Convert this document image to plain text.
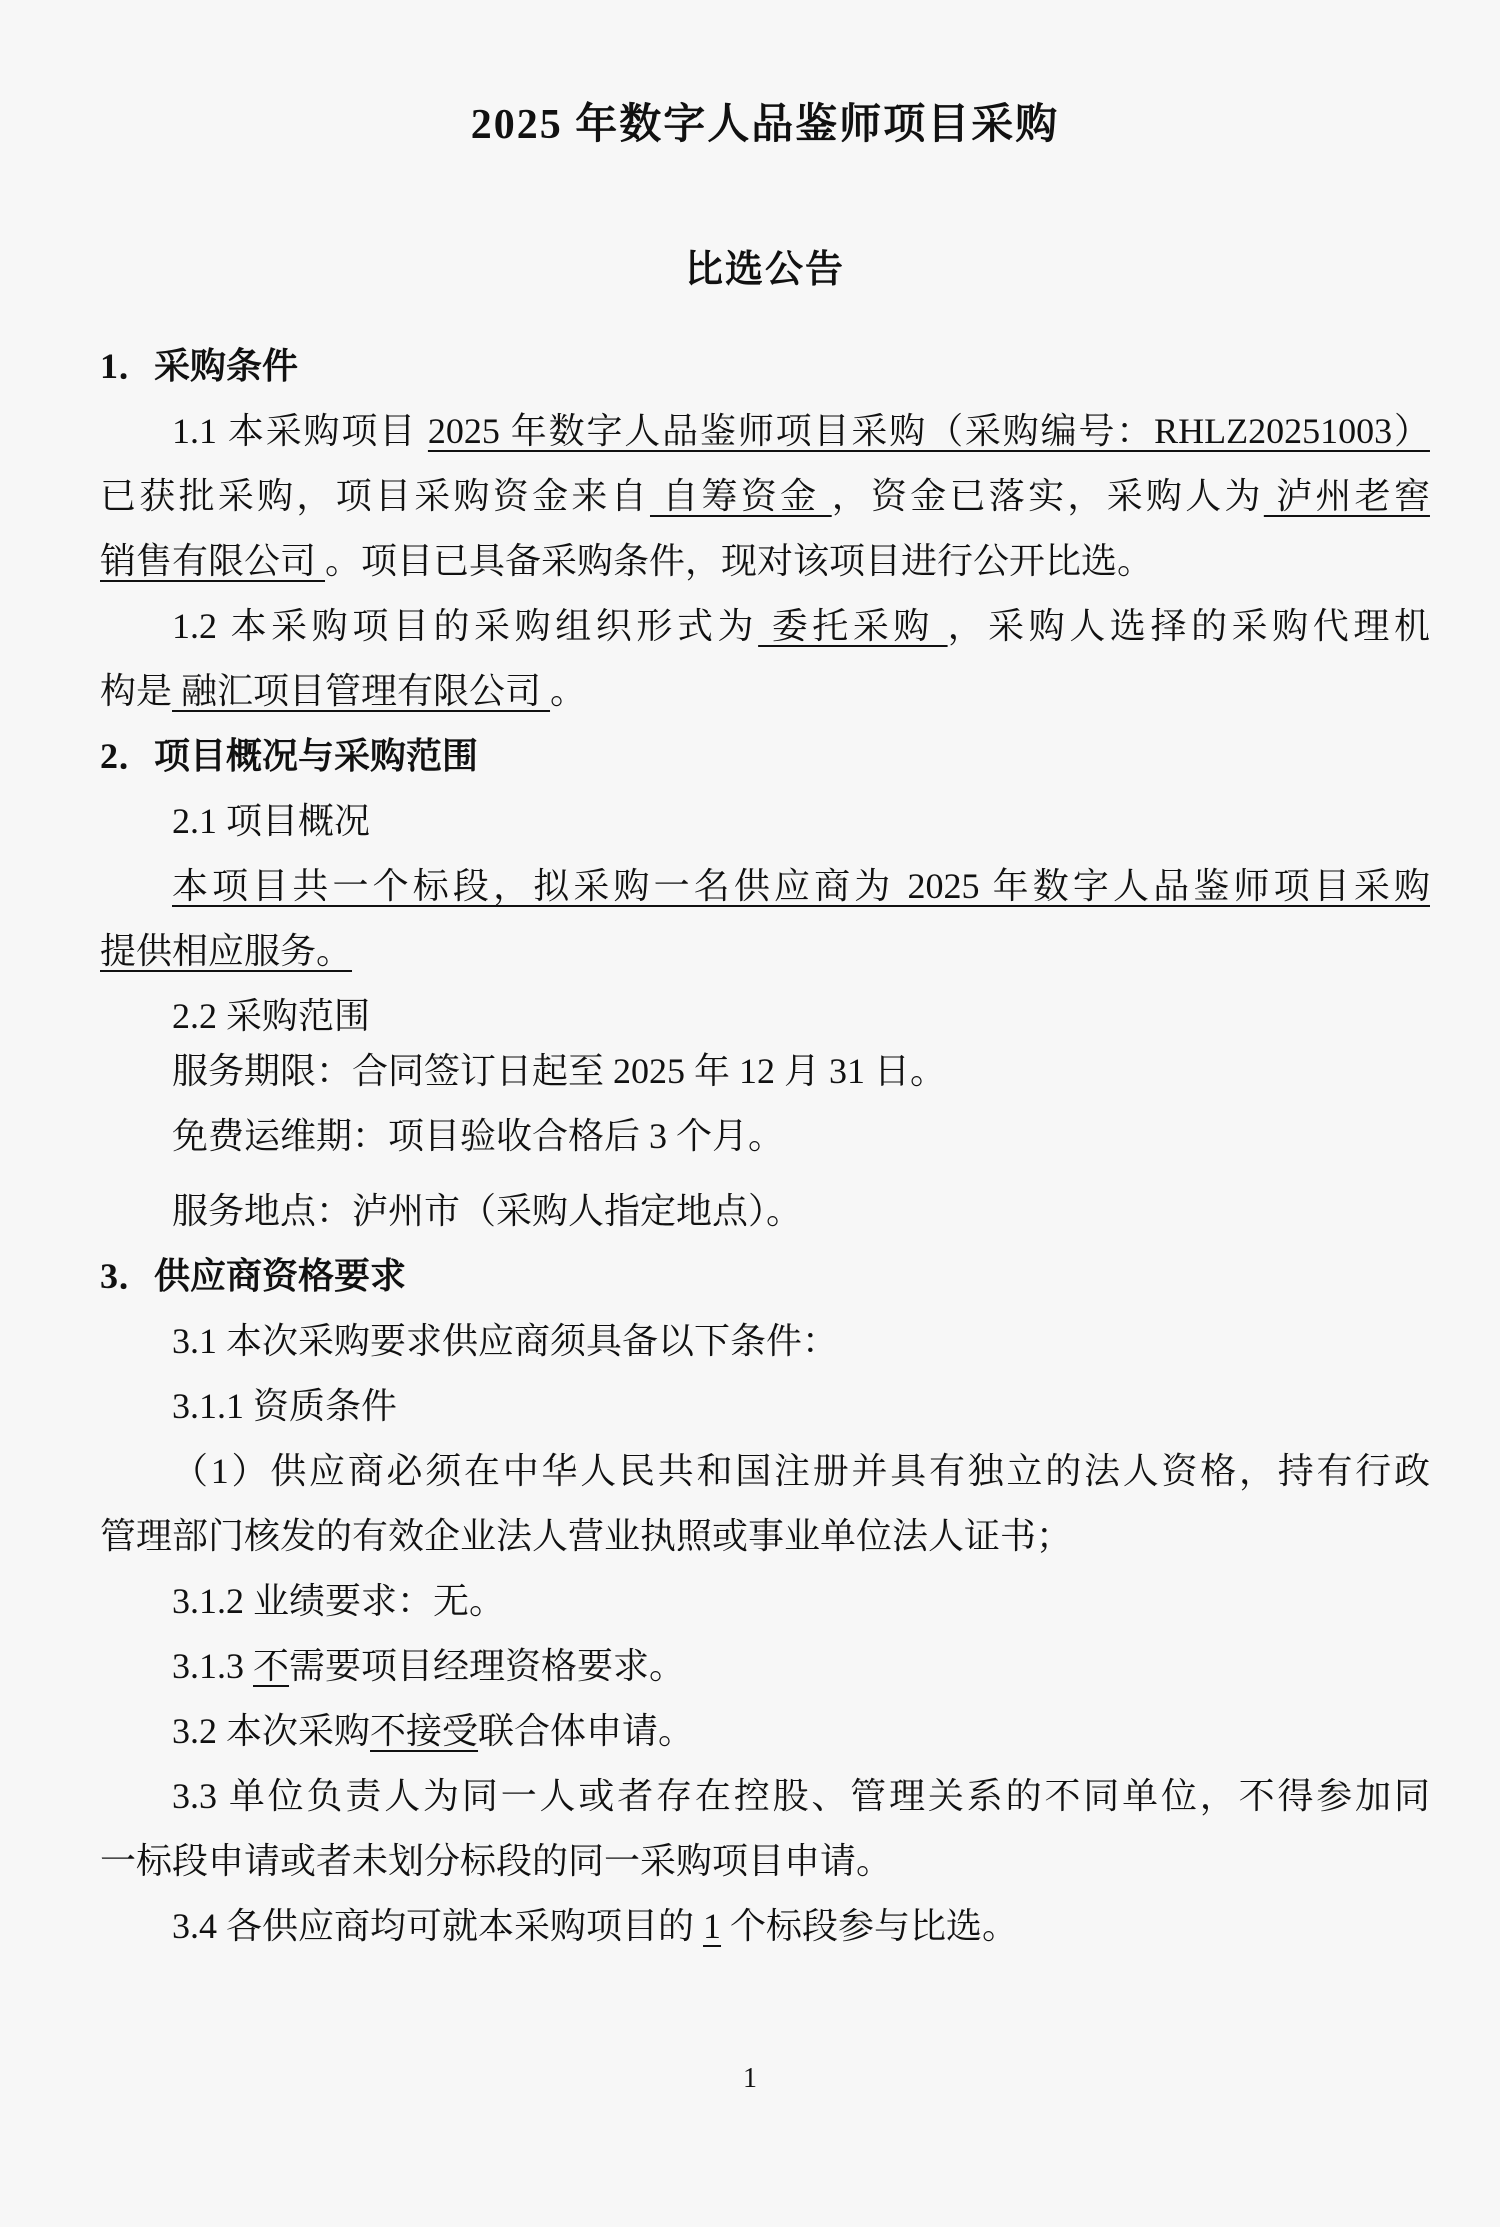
2025 年数字人品鉴师项目采购
比选公告
1．采购条件
1.1 本采购项目 2025 年数字人品鉴师项目采购（采购编号：RHLZ20251003）
已获批采购，项目采购资金来自 自筹资金 ，资金已落实，采购人为 泸州老窖
销售有限公司 。项目已具备采购条件，现对该项目进行公开比选。
1.2 本采购项目的采购组织形式为 委托采购 ，采购人选择的采购代理机
构是 融汇项目管理有限公司 。
2．项目概况与采购范围
2.1 项目概况
本项目共一个标段，拟采购一名供应商为 2025 年数字人品鉴师项目采购
提供相应服务。
2.2 采购范围
服务期限：合同签订日起至 2025 年 12 月 31 日。
免费运维期：项目验收合格后 3 个月。
服务地点：泸州市（采购人指定地点）。
3．供应商资格要求
3.1 本次采购要求供应商须具备以下条件：
3.1.1 资质条件
（1）供应商必须在中华人民共和国注册并具有独立的法人资格，持有行政
管理部门核发的有效企业法人营业执照或事业单位法人证书；
3.1.2 业绩要求：无。
3.1.3 不需要项目经理资格要求。
3.2 本次采购不接受联合体申请。
3.3 单位负责人为同一人或者存在控股、管理关系的不同单位，不得参加同
一标段申请或者未划分标段的同一采购项目申请。
3.4 各供应商均可就本采购项目的 1 个标段参与比选。
1
